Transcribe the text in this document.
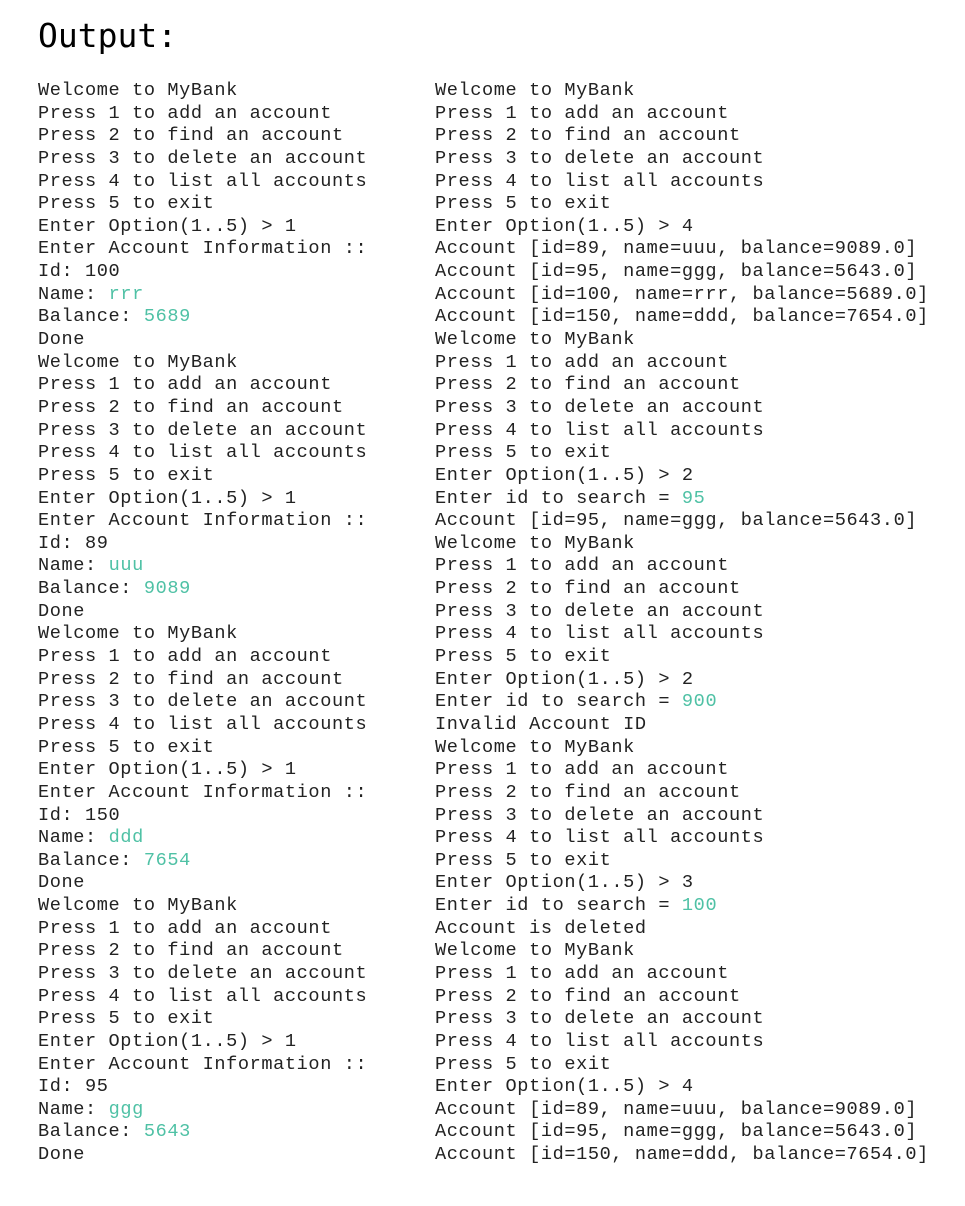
Output:
Welcome to MyBank
Press 1 to add an account
Press 2 to find an account
Press 3 to delete an account
Press 4 to list all accounts
Press 5 to exit
Enter Option(1..5) > 1
Enter Account Information ::
Id: 100
Name: rrr
Balance: 5689
Done
Welcome to MyBank
Press 1 to add an account
Press 2 to find an account
Press 3 to delete an account
Press 4 to list all accounts
Press 5 to exit
Enter Option(1..5) > 1
Enter Account Information ::
Id: 89
Name: uuu
Balance: 9089
Done
Welcome to MyBank
Press 1 to add an account
Press 2 to find an account
Press 3 to delete an account
Press 4 to list all accounts
Press 5 to exit
Enter Option(1..5) > 1
Enter Account Information ::
Id: 150
Name: ddd
Balance: 7654
Done
Welcome to MyBank
Press 1 to add an account
Press 2 to find an account
Press 3 to delete an account
Press 4 to list all accounts
Press 5 to exit
Enter Option(1..5) > 1
Enter Account Information ::
Id: 95
Name: ggg
Balance: 5643
Done
Welcome to MyBank
Press 1 to add an account
Press 2 to find an account
Press 3 to delete an account
Press 4 to list all accounts
Press 5 to exit
Enter Option(1..5) > 4
Account [id=89, name=uuu, balance=9089.0]
Account [id=95, name=ggg, balance=5643.0]
Account [id=100, name=rrr, balance=5689.0]
Account [id=150, name=ddd, balance=7654.0]
Welcome to MyBank
Press 1 to add an account
Press 2 to find an account
Press 3 to delete an account
Press 4 to list all accounts
Press 5 to exit
Enter Option(1..5) > 2
Enter id to search = 95
Account [id=95, name=ggg, balance=5643.0]
Welcome to MyBank
Press 1 to add an account
Press 2 to find an account
Press 3 to delete an account
Press 4 to list all accounts
Press 5 to exit
Enter Option(1..5) > 2
Enter id to search = 900
Invalid Account ID
Welcome to MyBank
Press 1 to add an account
Press 2 to find an account
Press 3 to delete an account
Press 4 to list all accounts
Press 5 to exit
Enter Option(1..5) > 3
Enter id to search = 100
Account is deleted
Welcome to MyBank
Press 1 to add an account
Press 2 to find an account
Press 3 to delete an account
Press 4 to list all accounts
Press 5 to exit
Enter Option(1..5) > 4
Account [id=89, name=uuu, balance=9089.0]
Account [id=95, name=ggg, balance=5643.0]
Account [id=150, name=ddd, balance=7654.0]
